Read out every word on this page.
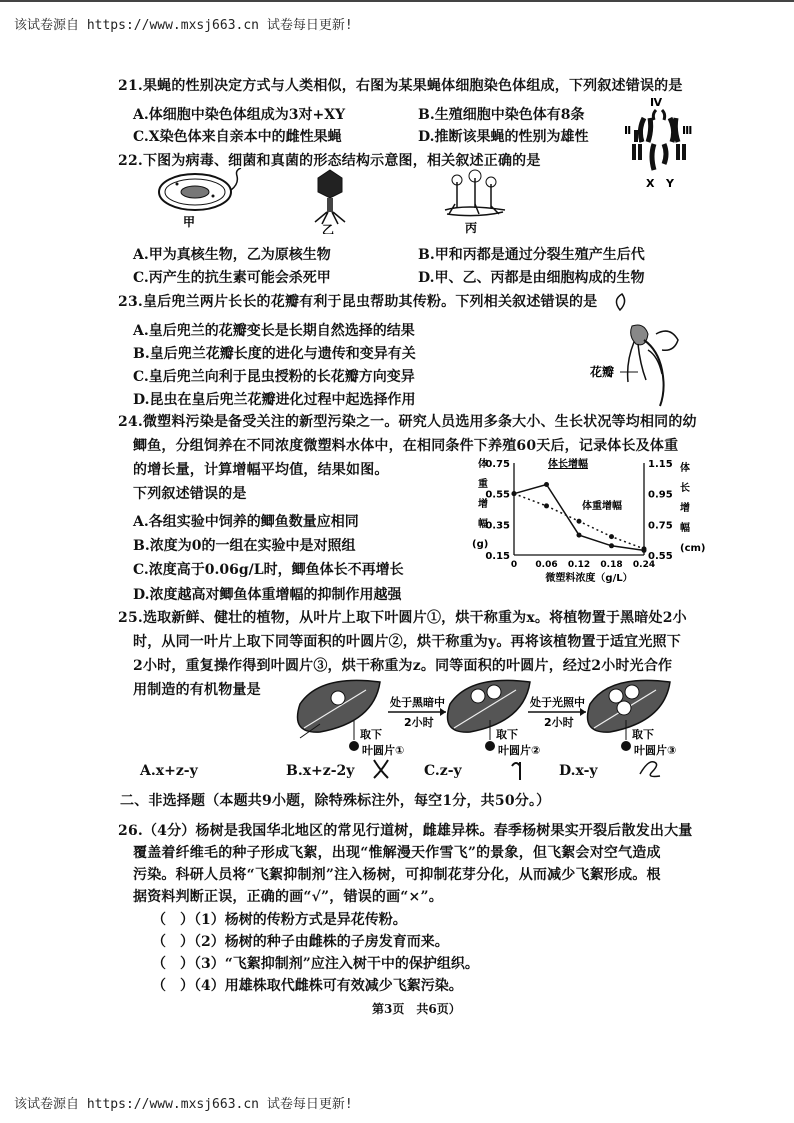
该试卷源自 https://www.mxsj663.cn 试卷每日更新!
21.果蝇的性别决定方式与人类相似，右图为某果蝇体细胞染色体组成，下列叙述错误的是
A.体细胞中染色体组成为3对+XY	B.生殖细胞中染色体有8条
C.X染色体来自亲本中的雌性果蝇	D.推断该果蝇的性别为雄性
Ⅳ
Ⅱ	Ⅲ
X Y
22.下图为病毒、细菌和真菌的形态结构示意图，相关叙述正确的是
甲
乙	丙
A.甲为真核生物，乙为原核生物	B.甲和丙都是通过分裂生殖产生后代
C.丙产生的抗生素可能会杀死甲	D.甲、乙、丙都是由细胞构成的生物
23.皇后兜兰两片长长的花瓣有利于昆虫帮助其传粉。下列相关叙述错误的是
A.皇后兜兰的花瓣变长是长期自然选择的结果
B.皇后兜兰花瓣长度的进化与遗传和变异有关
C.皇后兜兰向利于昆虫授粉的长花瓣方向变异
D.昆虫在皇后兜兰花瓣进化过程中起选择作用
花瓣
24.微塑料污染是备受关注的新型污染之一。研究人员选用多条大小、生长状况等均相同的幼
鲫鱼，分组饲养在不同浓度微塑料水体中，在相同条件下养殖60天后，记录体长及体重
的增长量，计算增幅平均值，结果如图。
下列叙述错误的是
A.各组实验中饲养的鲫鱼数量应相同
B.浓度为0的一组在实验中是对照组
C.浓度高于0.06g/L时，鲫鱼体长不再增长
D.浓度越高对鲫鱼体重增幅的抑制作用越强
0.75
0.55
0.35
0.15
1.15
0.95
0.75
0.55
0 0.06 0.12 0.18 0.24
微塑料浓度（g/L）
体
重
增
幅
(g)
体
长
增
幅
(cm)
体长增幅
体重增幅
25.选取新鲜、健壮的植物，从叶片上取下叶圆片①，烘干称重为x。将植物置于黑暗处2小
时，从同一叶片上取下同等面积的叶圆片②，烘干称重为y。再将该植物置于适宜光照下
2小时，重复操作得到叶圆片③，烘干称重为z。同等面积的叶圆片，经过2小时光合作
用制造的有机物量是
处于黑暗中
2小时
处于光照中
2小时
取下
叶圆片①
取下
叶圆片②
取下
叶圆片③
A.x+z-y	B.x+z-2y	C.z-y	D.x-y
二、非选择题（本题共9小题，除特殊标注外，每空1分，共50分。）
26.（4分）杨树是我国华北地区的常见行道树，雌雄异株。春季杨树果实开裂后散发出大量
覆盖着纤维毛的种子形成飞絮，出现“惟解漫天作雪飞”的景象，但飞絮会对空气造成
污染。科研人员将“飞絮抑制剂”注入杨树，可抑制花芽分化，从而减少飞絮形成。根
据资料判断正误，正确的画“√”，错误的画“×”。
（　）（1）杨树的传粉方式是异花传粉。
（　）（2）杨树的种子由雌株的子房发育而来。
（　）（3）“飞絮抑制剂”应注入树干中的保护组织。
（　）（4）用雄株取代雌株可有效减少飞絮污染。
第3页　共6页）
该试卷源自 https://www.mxsj663.cn 试卷每日更新!
